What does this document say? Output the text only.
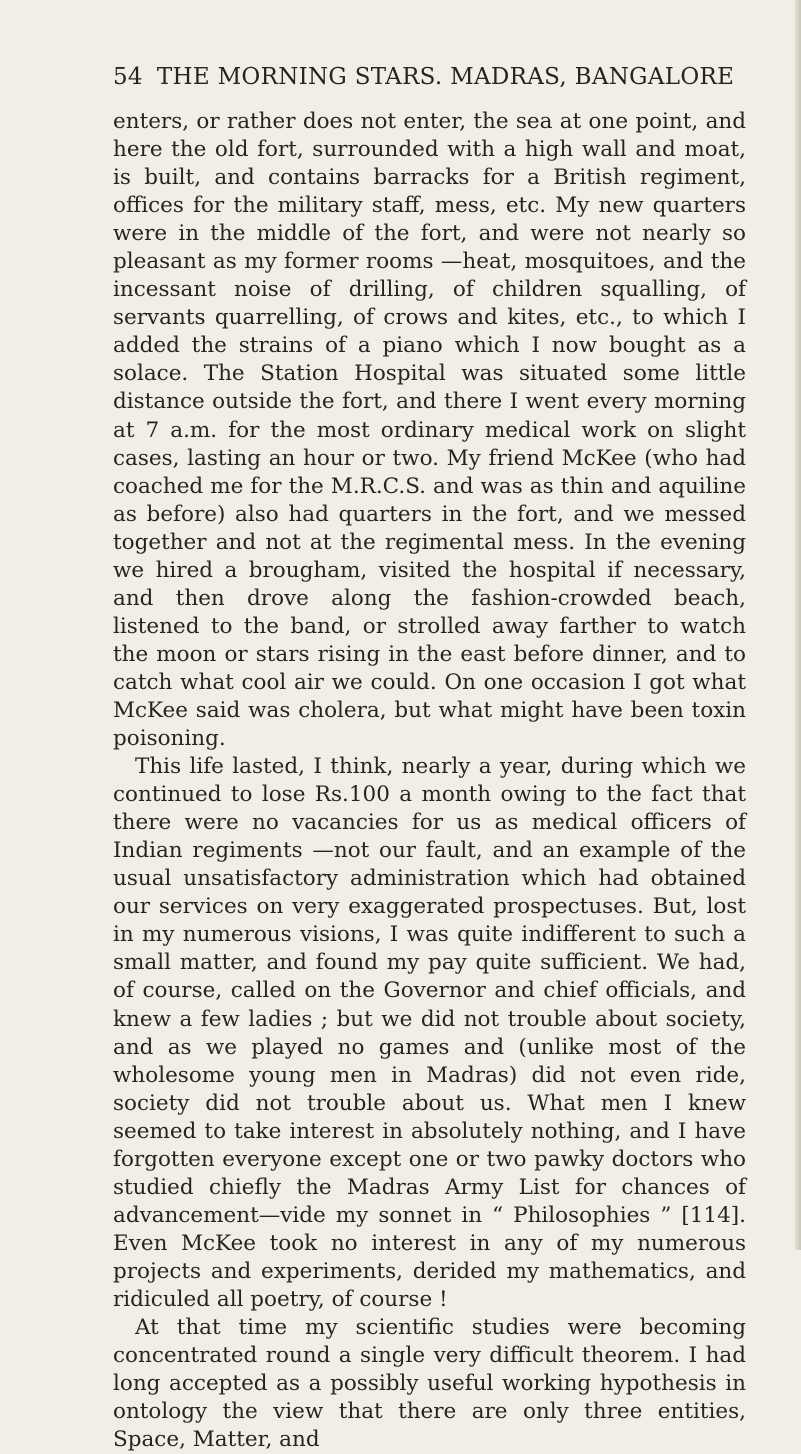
54 THE MORNING STARS. MADRAS, BANGALORE

enters, or rather does not enter, the sea at one point, and here the old fort, surrounded with a high wall and moat, is built, and contains barracks for a British regiment, offices for the military staff, mess, etc. My new quarters were in the middle of the fort, and were not nearly so pleasant as my former rooms —heat, mosquitoes, and the incessant noise of drilling, of children squalling, of servants quarrelling, of crows and kites, etc., to which I added the strains of a piano which I now bought as a solace. The Station Hospital was situated some little distance outside the fort, and there I went every morning at 7 a.m. for the most ordinary medical work on slight cases, lasting an hour or two. My friend McKee (who had coached me for the M.R.C.S. and was as thin and aquiline as before) also had quarters in the fort, and we messed together and not at the regimental mess. In the evening we hired a brougham, visited the hospital if necessary, and then drove along the fashion-crowded beach, listened to the band, or strolled away farther to watch the moon or stars rising in the east before dinner, and to catch what cool air we could. On one occasion I got what McKee said was cholera, but what might have been toxin poisoning.

This life lasted, I think, nearly a year, during which we continued to lose Rs.100 a month owing to the fact that there were no vacancies for us as medical officers of Indian regiments —not our fault, and an example of the usual unsatisfactory administration which had obtained our services on very exaggerated prospectuses. But, lost in my numerous visions, I was quite indifferent to such a small matter, and found my pay quite sufficient. We had, of course, called on the Governor and chief officials, and knew a few ladies ; but we did not trouble about society, and as we played no games and (unlike most of the wholesome young men in Madras) did not even ride, society did not trouble about us. What men I knew seemed to take interest in absolutely nothing, and I have forgotten everyone except one or two pawky doctors who studied chiefly the Madras Army List for chances of advancement—vide my sonnet in “ Philosophies ” [114]. Even McKee took no interest in any of my numerous projects and experiments, derided my mathematics, and ridiculed all poetry, of course !

At that time my scientific studies were becoming concentrated round a single very difficult theorem. I had long accepted as a possibly useful working hypothesis in ontology the view that there are only three entities, Space, Matter, and
